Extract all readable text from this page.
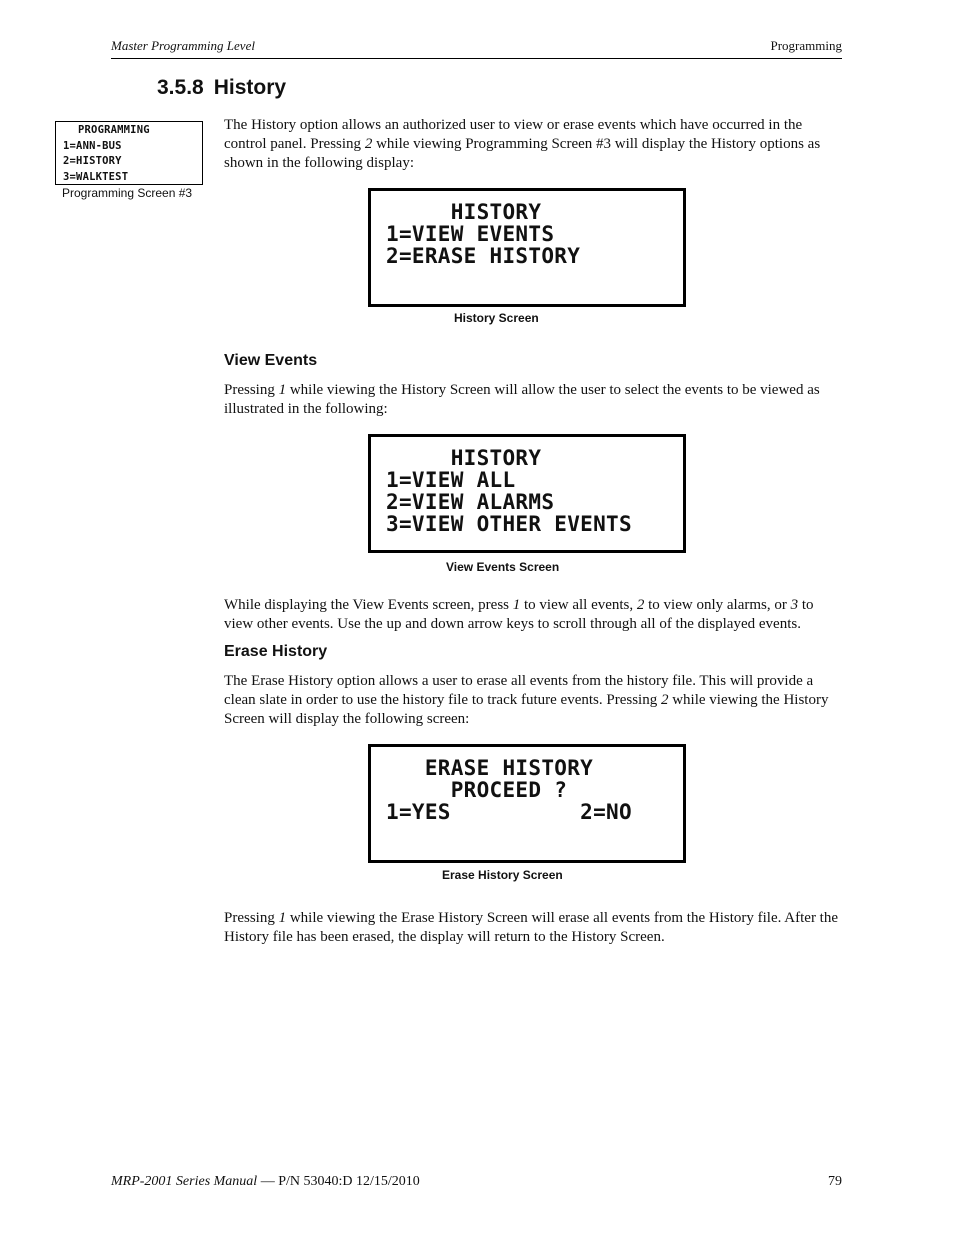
Master Programming Level	Programming
3.5.8 History
PROGRAMMING
1=ANN-BUS
2=HISTORY
3=WALKTEST
Programming Screen #3

The History option allows an authorized user to view or erase events which have occurred in the control panel. Pressing 2 while viewing Programming Screen #3 will display the History options as shown in the following display:

HISTORY
1=VIEW EVENTS
2=ERASE HISTORY
History Screen
View Events

Pressing 1 while viewing the History Screen will allow the user to select the events to be viewed as illustrated in the following:

HISTORY
1=VIEW ALL
2=VIEW ALARMS
3=VIEW OTHER EVENTS
View Events Screen

While displaying the View Events screen, press 1 to view all events, 2 to view only alarms, or 3 to view other events. Use the up and down arrow keys to scroll through all of the displayed events.

Erase History

The Erase History option allows a user to erase all events from the history file. This will provide a clean slate in order to use the history file to track future events. Pressing 2 while viewing the History Screen will display the following screen:

ERASE HISTORY
PROCEED ?
1=YES          2=NO
Erase History Screen

Pressing 1 while viewing the Erase History Screen will erase all events from the History file. After the History file has been erased, the display will return to the History Screen.

MRP-2001 Series Manual — P/N 53040:D 12/15/2010	79
